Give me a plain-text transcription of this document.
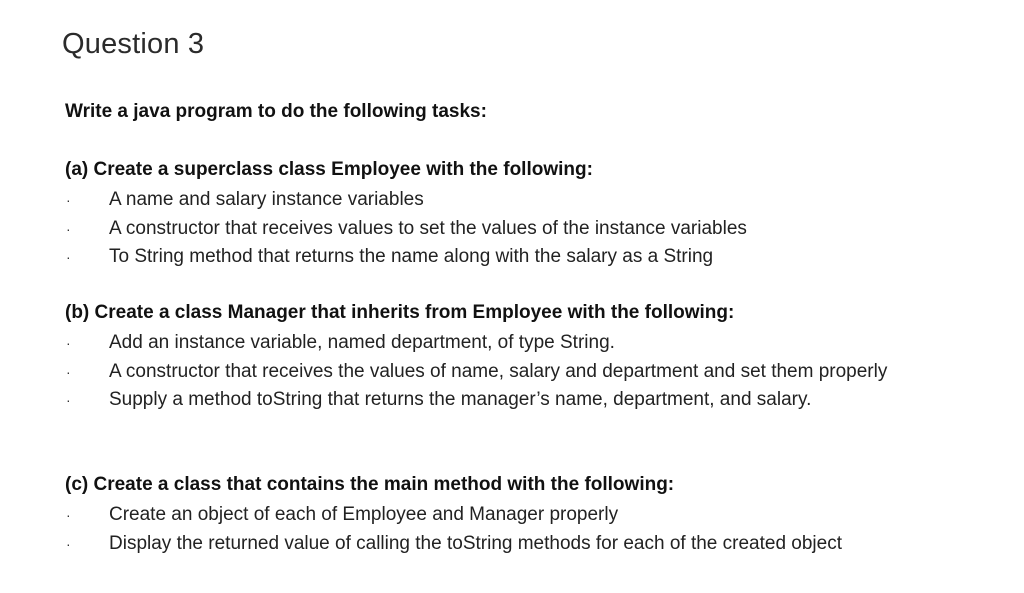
Question 3

Write a java program to do the following tasks:

(a) Create a superclass class Employee with the following:

· A name and salary instance variables
· A constructor that receives values to set the values of the instance variables
· To String method that returns the name along with the salary as a String

(b) Create a class Manager that inherits from Employee with the following:

· Add an instance variable, named department, of type String.
· A constructor that receives the values of name, salary and department and set them properly
· Supply a method toString that returns the manager’s name, department, and salary.

(c) Create a class that contains the main method with the following:

· Create an object of each of Employee and Manager properly
· Display the returned value of calling the toString methods for each of the created object
